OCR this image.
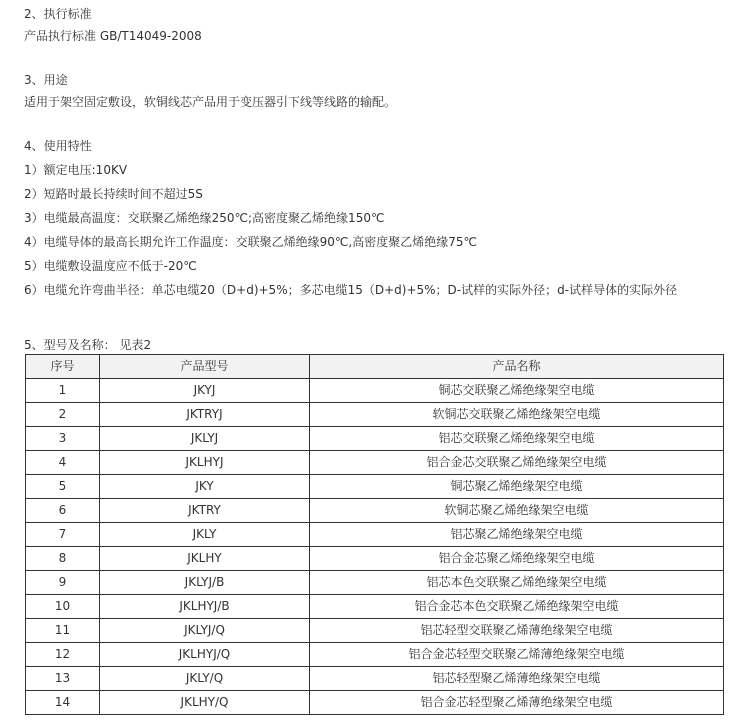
2、执行标准
产品执行标准 GB/T14049-2008
3、用途
适用于架空固定敷设，软铜线芯产品用于变压器引下线等线路的输配。
4、使用特性
1）额定电压:10KV
2）短路时最长持续时间不超过5S
3）电缆最高温度：交联聚乙烯绝缘250℃;高密度聚乙烯绝缘150℃
4）电缆导体的最高长期允许工作温度：交联聚乙烯绝缘90℃,高密度聚乙烯绝缘75℃
5）电缆敷设温度应不低于-20℃
6）电缆允许弯曲半径：单芯电缆20（D+d)+5%；多芯电缆15（D+d)+5%；D-试样的实际外径；d-试样导体的实际外径
5、型号及名称： 见表2
序号	产品型号	产品名称
1	JKYJ	铜芯交联聚乙烯绝缘架空电缆
2	JKTRYJ	软铜芯交联聚乙烯绝缘架空电缆
3	JKLYJ	铝芯交联聚乙烯绝缘架空电缆
4	JKLHYJ	铝合金芯交联聚乙烯绝缘架空电缆
5	JKY	铜芯聚乙烯绝缘架空电缆
6	JKTRY	软铜芯聚乙烯绝缘架空电缆
7	JKLY	铝芯聚乙烯绝缘架空电缆
8	JKLHY	铝合金芯聚乙烯绝缘架空电缆
9	JKLYJ/B	铝芯本色交联聚乙烯绝缘架空电缆
10	JKLHYJ/B	铝合金芯本色交联聚乙烯绝缘架空电缆
11	JKLYJ/Q	铝芯轻型交联聚乙烯薄绝缘架空电缆
12	JKLHYJ/Q	铝合金芯轻型交联聚乙烯薄绝缘架空电缆
13	JKLY/Q	铝芯轻型聚乙烯薄绝缘架空电缆
14	JKLHY/Q	铝合金芯轻型聚乙烯薄绝缘架空电缆
